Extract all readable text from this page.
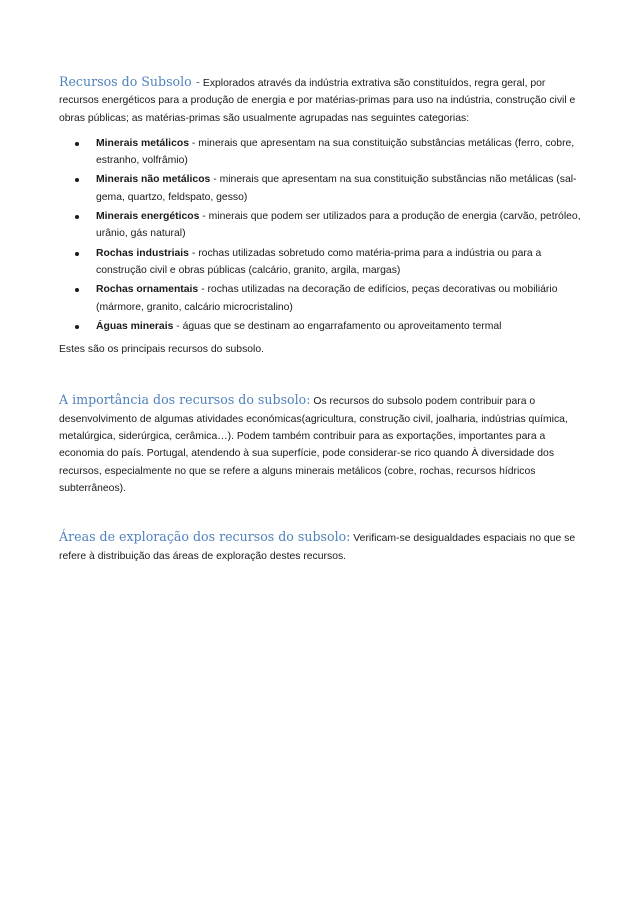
Recursos do Subsolo - Explorados através da indústria extrativa são constituídos, regra geral, por recursos energéticos para a produção de energia e por matérias-primas para uso na indústria, construção civil e obras públicas; as matérias-primas são usualmente agrupadas nas seguintes categorias:

Minerais metálicos - minerais que apresentam na sua constituição substâncias metálicas (ferro, cobre, estranho, volfrâmio)
Minerais não metálicos - minerais que apresentam na sua constituição substâncias não metálicas (sal-gema, quartzo, feldspato, gesso)
Minerais energéticos - minerais que podem ser utilizados para a produção de energia (carvão, petróleo, urânio, gás natural)
Rochas industriais - rochas utilizadas sobretudo como matéria-prima para a indústria ou para a construção civil e obras públicas (calcário, granito, argila, margas)
Rochas ornamentais - rochas utilizadas na decoração de edifícios, peças decorativas ou mobiliário (mármore, granito, calcário microcristalino)
Águas minerais - águas que se destinam ao engarrafamento ou aproveitamento termal

Estes são os principais recursos do subsolo.

A importância dos recursos do subsolo: Os recursos do subsolo podem contribuir para o desenvolvimento de algumas atividades económicas(agricultura, construção civil, joalharia, indústrias química, metalúrgica, siderúrgica, cerâmica…). Podem também contribuir para as exportações, importantes para a economia do país. Portugal, atendendo à sua superfície, pode considerar-se rico quando À diversidade dos recursos, especialmente no que se refere a alguns minerais metálicos (cobre, rochas, recursos hídricos subterrâneos).

Áreas de exploração dos recursos do subsolo: Verificam-se desigualdades espaciais no que se refere à distribuição das áreas de exploração destes recursos.
